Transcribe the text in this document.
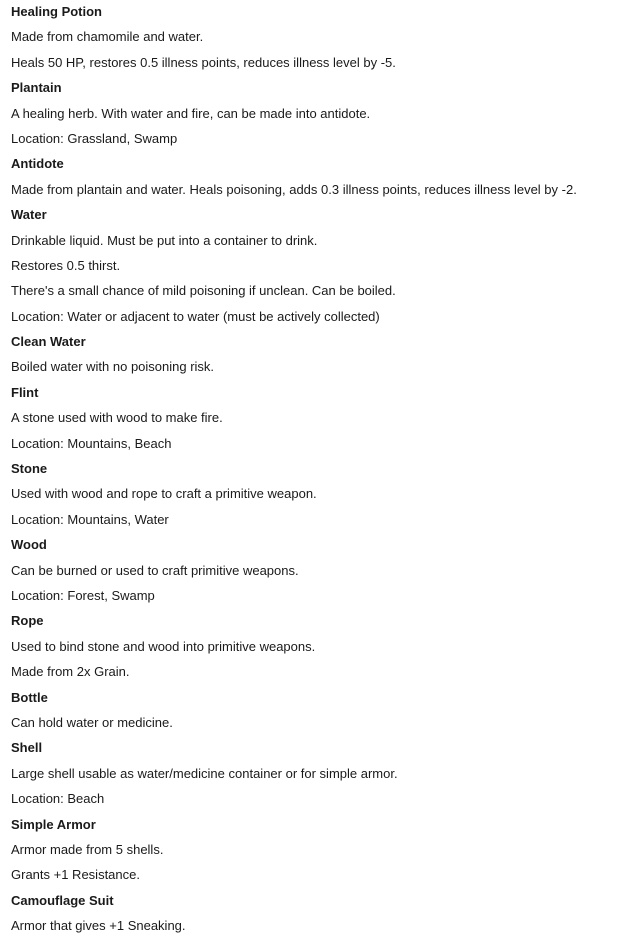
Healing Potion
Made from chamomile and water.
Heals 50 HP, restores 0.5 illness points, reduces illness level by -5.
Plantain
A healing herb. With water and fire, can be made into antidote.
Location: Grassland, Swamp
Antidote
Made from plantain and water. Heals poisoning, adds 0.3 illness points, reduces illness level by -2.
Water
Drinkable liquid. Must be put into a container to drink.
Restores 0.5 thirst.
There's a small chance of mild poisoning if unclean. Can be boiled.
Location: Water or adjacent to water (must be actively collected)
Clean Water
Boiled water with no poisoning risk.
Flint
A stone used with wood to make fire.
Location: Mountains, Beach
Stone
Used with wood and rope to craft a primitive weapon.
Location: Mountains, Water
Wood
Can be burned or used to craft primitive weapons.
Location: Forest, Swamp
Rope
Used to bind stone and wood into primitive weapons.
Made from 2x Grain.
Bottle
Can hold water or medicine.
Shell
Large shell usable as water/medicine container or for simple armor.
Location: Beach
Simple Armor
Armor made from 5 shells.
Grants +1 Resistance.
Camouflage Suit
Armor that gives +1 Sneaking.
